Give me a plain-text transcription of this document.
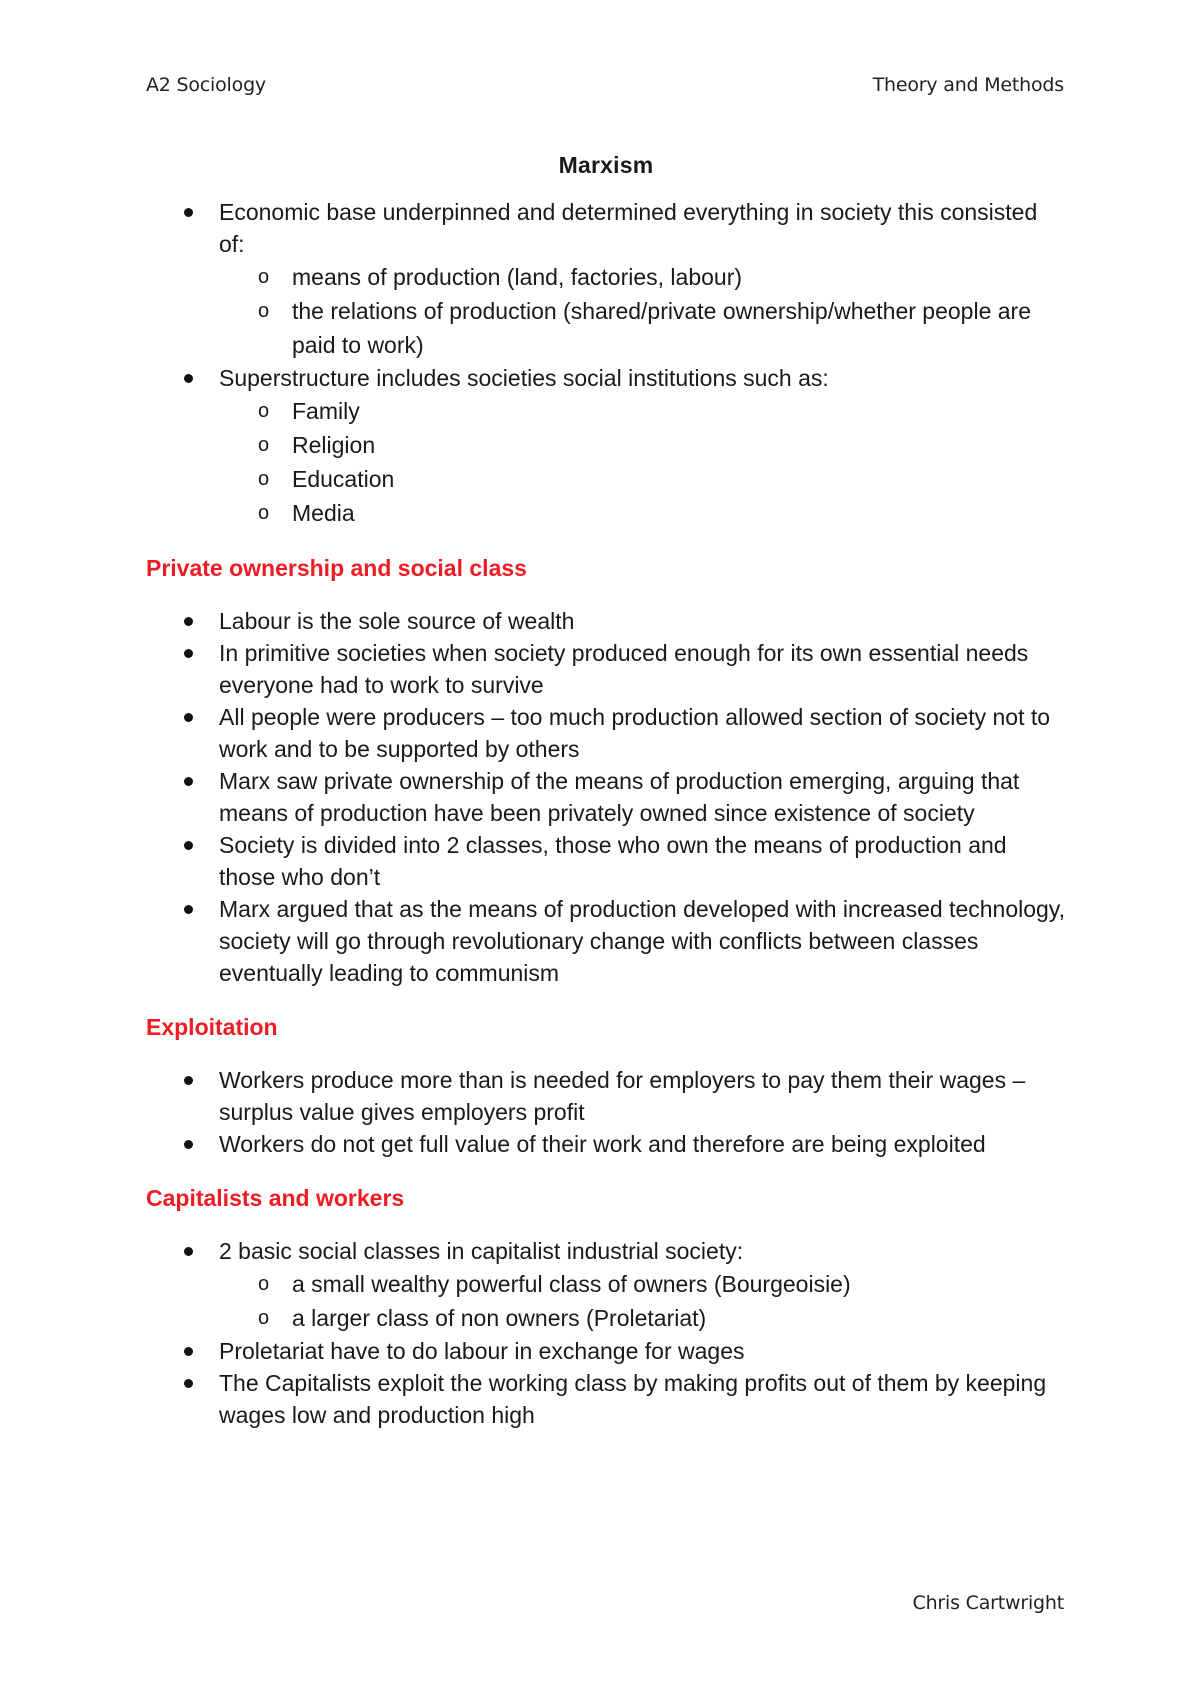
A2 Sociology	Theory and Methods
Marxism
Economic base underpinned and determined everything in society this consisted of:
o means of production (land, factories, labour)
o the relations of production (shared/private ownership/whether people are paid to work)
Superstructure includes societies social institutions such as:
o Family
o Religion
o Education
o Media
Private ownership and social class
Labour is the sole source of wealth
In primitive societies when society produced enough for its own essential needs everyone had to work to survive
All people were producers – too much production allowed section of society not to work and to be supported by others
Marx saw private ownership of the means of production emerging, arguing that means of production have been privately owned since existence of society
Society is divided into 2 classes, those who own the means of production and those who don’t
Marx argued that as the means of production developed with increased technology, society will go through revolutionary change with conflicts between classes eventually leading to communism
Exploitation
Workers produce more than is needed for employers to pay them their wages – surplus value gives employers profit
Workers do not get full value of their work and therefore are being exploited
Capitalists and workers
2 basic social classes in capitalist industrial society:
o a small wealthy powerful class of owners (Bourgeoisie)
o a larger class of non owners (Proletariat)
Proletariat have to do labour in exchange for wages
The Capitalists exploit the working class by making profits out of them by keeping wages low and production high
Chris Cartwright
